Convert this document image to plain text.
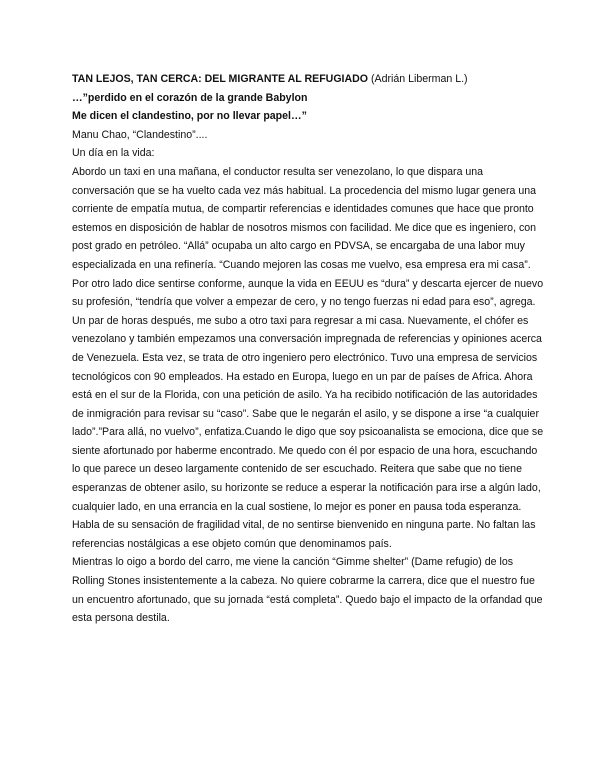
TAN LEJOS, TAN CERCA: DEL MIGRANTE AL REFUGIADO (Adrián Liberman L.)

…”perdido en el corazón de la grande Babylon

Me dicen el clandestino, por no llevar papel…”

Manu Chao, “Clandestino”....

Un día en la vida:

Abordo un taxi en una mañana, el conductor resulta ser venezolano, lo que dispara una conversación que se ha vuelto cada vez más habitual. La procedencia del mismo lugar genera una corriente de empatía mutua, de compartir referencias e identidades comunes que hace que pronto estemos en disposición de hablar de nosotros mismos con facilidad. Me dice que es ingeniero, con post grado en petróleo. “Allá” ocupaba un alto cargo en PDVSA, se encargaba de una labor muy especializada en una refinería. “Cuando mejoren las cosas me vuelvo, esa empresa era mi casa”. Por otro lado dice sentirse conforme, aunque la vida en EEUU es “dura” y descarta ejercer de nuevo su profesión, “tendría que volver a empezar de cero, y no tengo fuerzas ni edad para eso”, agrega.

Un par de horas después, me subo a otro taxi para regresar a mi casa. Nuevamente, el chófer es venezolano y también empezamos una conversación impregnada de referencias y opiniones acerca de Venezuela. Esta vez, se trata de otro ingeniero pero electrónico. Tuvo una empresa de servicios tecnológicos con 90 empleados. Ha estado en Europa, luego en un par de países de Africa. Ahora está en el sur de la Florida, con una petición de asilo. Ya ha recibido notificación de las autoridades de inmigración para revisar su “caso”. Sabe que le negarán el asilo, y se dispone a irse “a cualquier lado”.”Para allá, no vuelvo”, enfatiza.Cuando le digo que soy psicoanalista se emociona, dice que se siente afortunado por haberme encontrado. Me quedo con él por espacio de una hora, escuchando lo que parece un deseo largamente contenido de ser escuchado. Reitera que sabe que no tiene esperanzas de obtener asilo, su horizonte se reduce a esperar la notificación para irse a algún lado, cualquier lado, en una errancia en la cual sostiene, lo mejor es poner en pausa toda esperanza. Habla de su sensación de fragilidad vital, de no sentirse bienvenido en ninguna parte. No faltan las referencias nostálgicas a ese objeto común que denominamos país.

Mientras lo oigo a bordo del carro, me viene la canción “Gimme shelter” (Dame refugio) de los Rolling Stones insistentemente a la cabeza. No quiere cobrarme la carrera, dice que el nuestro fue un encuentro afortunado, que su jornada “está completa”. Quedo bajo el impacto de la orfandad que esta persona destila.
